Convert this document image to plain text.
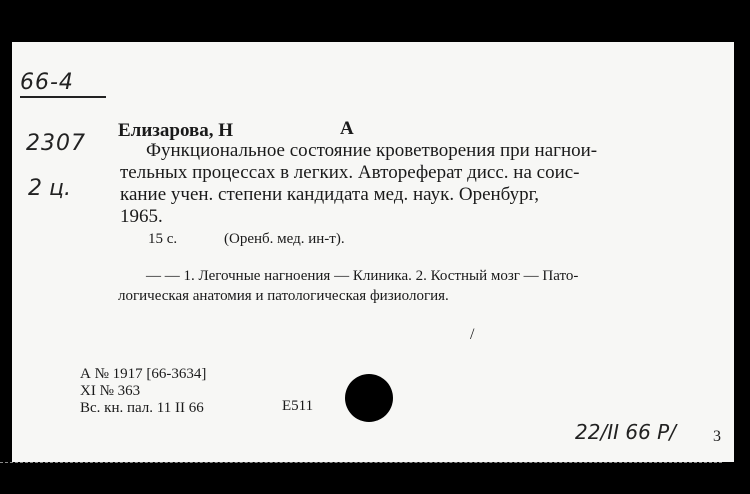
66-4
2307
2 ц.
Елизарова, Н	А
Функциональное состояние кроветворения при нагнои-
тельных процессах в легких. Автореферат дисс. на соис-
кание учен. степени кандидата мед. наук. Оренбург,
1965.
15 с.	(Оренб. мед. ин-т).
— — 1. Легочные нагноения — Клиника. 2. Костный мозг — Пато-
логическая анатомия и патологическая физиология.
/
А № 1917 [66-3634]
XI № 363
Вс. кн. пал. 11 II 66	Е511
22/II 66 Р/ 3
